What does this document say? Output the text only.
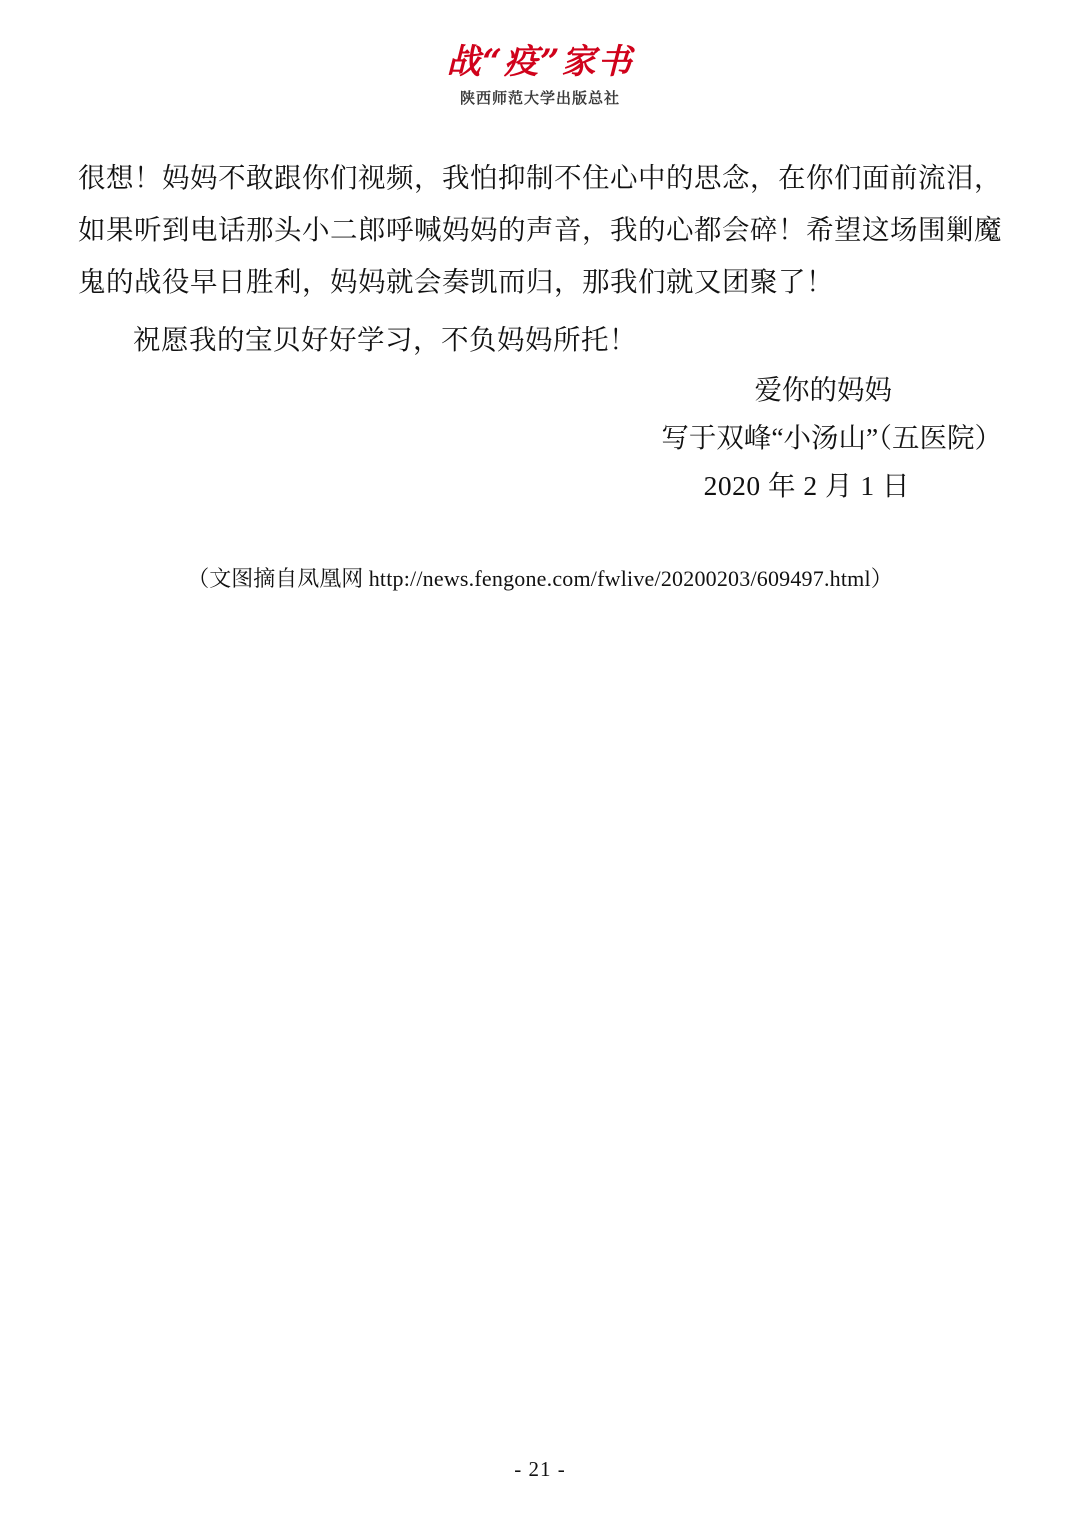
战“疫”家书
陕西师范大学出版总社

很想！妈妈不敢跟你们视频，我怕抑制不住心中的思念，在你们面前流泪，如果听到电话那头小二郎呼喊妈妈的声音，我的心都会碎！希望这场围剿魔鬼的战役早日胜利，妈妈就会奏凯而归，那我们就又团聚了！

祝愿我的宝贝好好学习，不负妈妈所托！

爱你的妈妈
写于双峰“小汤山”（五医院）
2020 年 2 月 1 日
（文图摘自凤凰网 http://news.fengone.com/fwlive/20200203/609497.html）
- 21 -
